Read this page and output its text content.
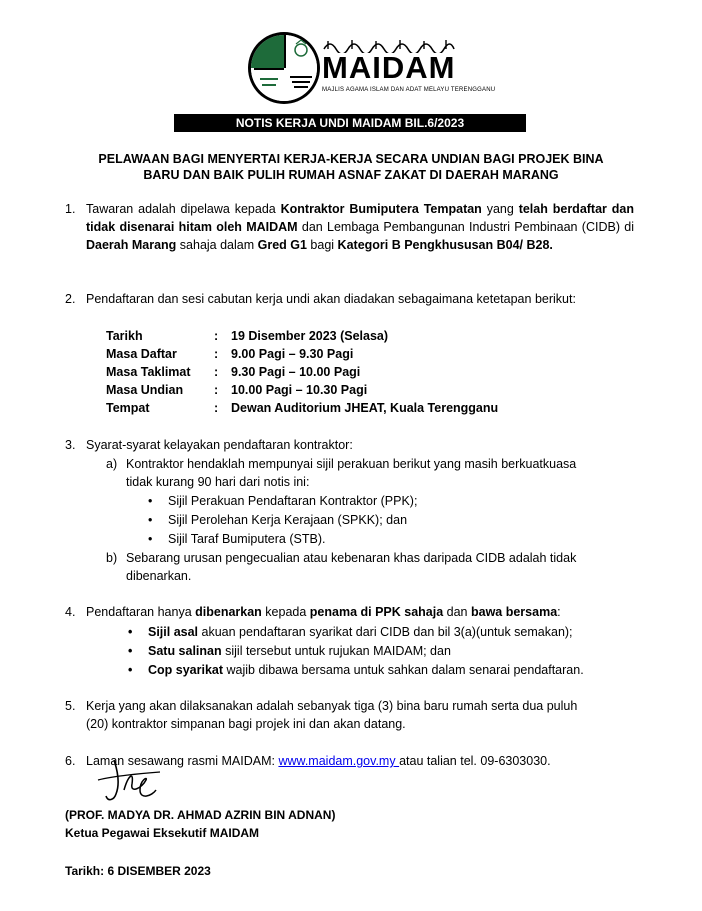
MAIDAM
MAJLIS AGAMA ISLAM DAN ADAT MELAYU TERENGGANU
NOTIS KERJA UNDI MAIDAM BIL.6/2023
PELAWAAN BAGI MENYERTAI KERJA-KERJA SECARA UNDIAN BAGI PROJEK BINA
BARU DAN BAIK PULIH RUMAH ASNAF ZAKAT DI DAERAH MARANG
1. Tawaran adalah dipelawa kepada Kontraktor Bumiputera Tempatan yang telah berdaftar dan tidak disenarai hitam oleh MAIDAM dan Lembaga Pembangunan Industri Pembinaan (CIDB) di Daerah Marang sahaja dalam Gred G1 bagi Kategori B Pengkhususan B04/ B28.
2. Pendaftaran dan sesi cabutan kerja undi akan diadakan sebagaimana ketetapan berikut:
Tarikh	: 19 Disember 2023 (Selasa)
Masa Daftar	: 9.00 Pagi – 9.30 Pagi
Masa Taklimat : 9.30 Pagi – 10.00 Pagi
Masa Undian : 10.00 Pagi – 10.30 Pagi
Tempat	: Dewan Auditorium JHEAT, Kuala Terengganu
3. Syarat-syarat kelayakan pendaftaran kontraktor:
a) Kontraktor hendaklah mempunyai sijil perakuan berikut yang masih berkuatkuasa
tidak kurang 90 hari dari notis ini:
• Sijil Perakuan Pendaftaran Kontraktor (PPK);
• Sijil Perolehan Kerja Kerajaan (SPKK); dan
• Sijil Taraf Bumiputera (STB).
b) Sebarang urusan pengecualian atau kebenaran khas daripada CIDB adalah tidak
dibenarkan.
4. Pendaftaran hanya dibenarkan kepada penama di PPK sahaja dan bawa bersama:
• Sijil asal akuan pendaftaran syarikat dari CIDB dan bil 3(a)(untuk semakan);
• Satu salinan sijil tersebut untuk rujukan MAIDAM; dan
• Cop syarikat wajib dibawa bersama untuk sahkan dalam senarai pendaftaran.
5. Kerja yang akan dilaksanakan adalah sebanyak tiga (3) bina baru rumah serta dua puluh
(20) kontraktor simpanan bagi projek ini dan akan datang.
6. Laman sesawang rasmi MAIDAM: www.maidam.gov.my atau talian tel. 09-6303030.
(PROF. MADYA DR. AHMAD AZRIN BIN ADNAN)
Ketua Pegawai Eksekutif MAIDAM
Tarikh: 6 DISEMBER 2023
